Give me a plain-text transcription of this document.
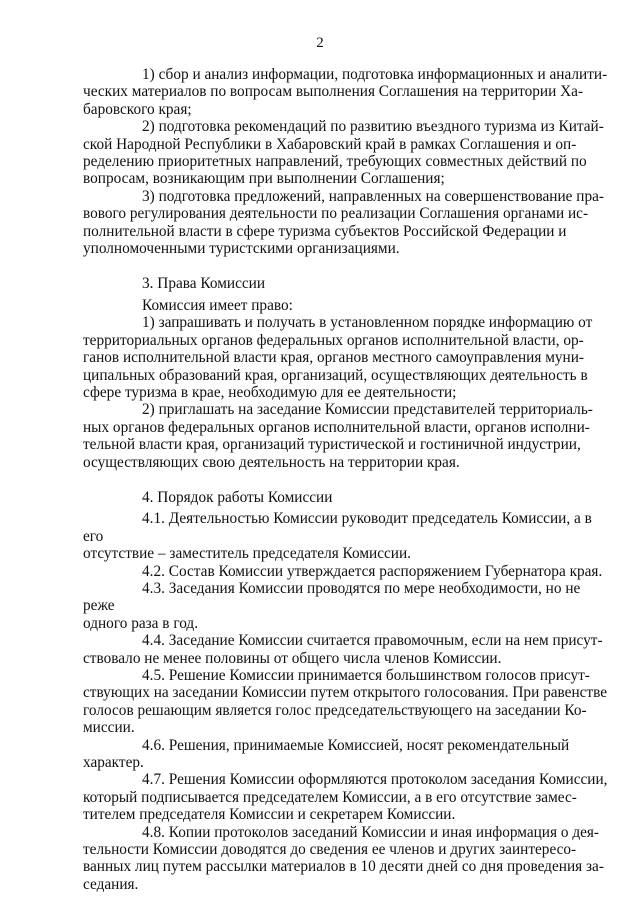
2

1) сбор и анализ информации, подготовка информационных и аналити-
ческих материалов по вопросам выполнения Соглашения на территории Ха-
баровского края;

2) подготовка рекомендаций по развитию въездного туризма из Китай-
ской Народной Республики в Хабаровский край в рамках Соглашения и оп-
ределению приоритетных направлений, требующих совместных действий по
вопросам, возникающим при выполнении Соглашения;

3) подготовка предложений, направленных на совершенствование пра-
вового регулирования деятельности по реализации Соглашения органами ис-
полнительной власти в сфере туризма субъектов Российской Федерации и
уполномоченными туристскими организациями.

3. Права Комиссии

Комиссия имеет право:

1) запрашивать и получать в установленном порядке информацию от
территориальных органов федеральных органов исполнительной власти, ор-
ганов исполнительной власти края, органов местного самоуправления муни-
ципальных образований края, организаций, осуществляющих деятельность в
сфере туризма в крае, необходимую для ее деятельности;

2) приглашать на заседание Комиссии представителей территориаль-
ных органов федеральных органов исполнительной власти, органов исполни-
тельной власти края, организаций туристической и гостиничной индустрии,
осуществляющих свою деятельность на территории края.

4. Порядок работы Комиссии

4.1. Деятельностью Комиссии руководит председатель Комиссии, а в его
отсутствие – заместитель председателя Комиссии.

4.2. Состав Комиссии утверждается распоряжением Губернатора края.

4.3. Заседания Комиссии проводятся по мере необходимости, но не реже
одного раза в год.

4.4. Заседание Комиссии считается правомочным, если на нем присут-
ствовало не менее половины от общего числа членов Комиссии.

4.5. Решение Комиссии принимается большинством голосов присут-
ствующих на заседании Комиссии путем открытого голосования. При равенстве
голосов решающим является голос председательствующего на заседании Ко-
миссии.

4.6. Решения, принимаемые Комиссией, носят рекомендательный характер.

4.7. Решения Комиссии оформляются протоколом заседания Комиссии,
который подписывается председателем Комиссии, а в его отсутствие замес-
тителем председателя Комиссии и секретарем Комиссии.

4.8. Копии протоколов заседаний Комиссии и иная информация о дея-
тельности Комиссии доводятся до сведения ее членов и других заинтересо-
ванных лиц путем рассылки материалов в 10 десяти дней со дня проведения за-
седания.
